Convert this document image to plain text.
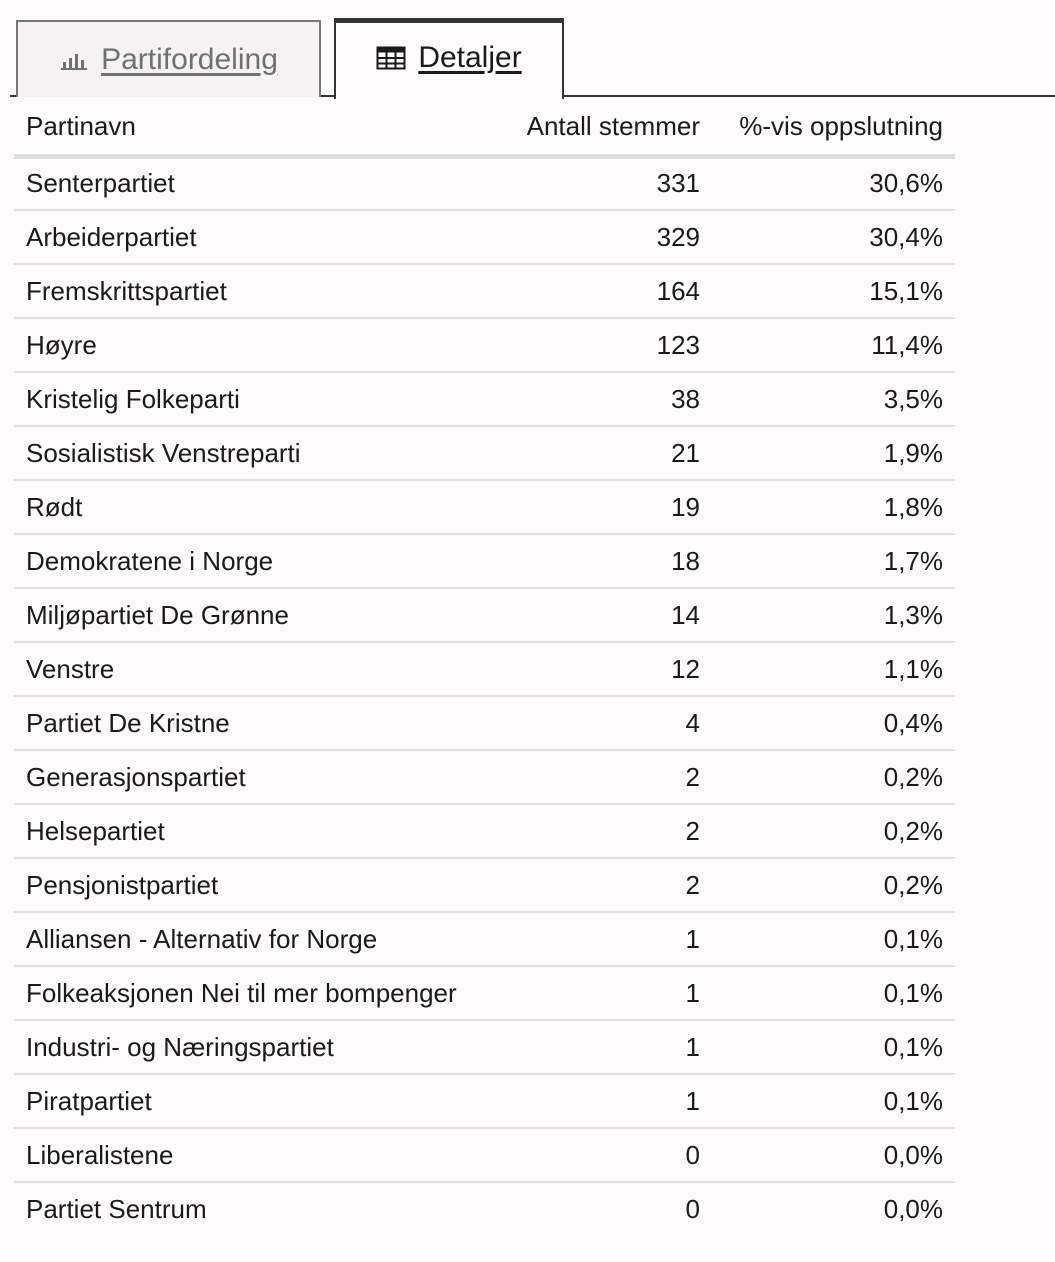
Partifordeling	Detaljer
Partinavn	Antall stemmer	%-vis oppslutning
Senterpartiet	331	30,6%
Arbeiderpartiet	329	30,4%
Fremskrittspartiet	164	15,1%
Høyre	123	11,4%
Kristelig Folkeparti	38	3,5%
Sosialistisk Venstreparti	21	1,9%
Rødt	19	1,8%
Demokratene i Norge	18	1,7%
Miljøpartiet De Grønne	14	1,3%
Venstre	12	1,1%
Partiet De Kristne	4	0,4%
Generasjonspartiet	2	0,2%
Helsepartiet	2	0,2%
Pensjonistpartiet	2	0,2%
Alliansen - Alternativ for Norge	1	0,1%
Folkeaksjonen Nei til mer bompenger	1	0,1%
Industri- og Næringspartiet	1	0,1%
Piratpartiet	1	0,1%
Liberalistene	0	0,0%
Partiet Sentrum	0	0,0%
